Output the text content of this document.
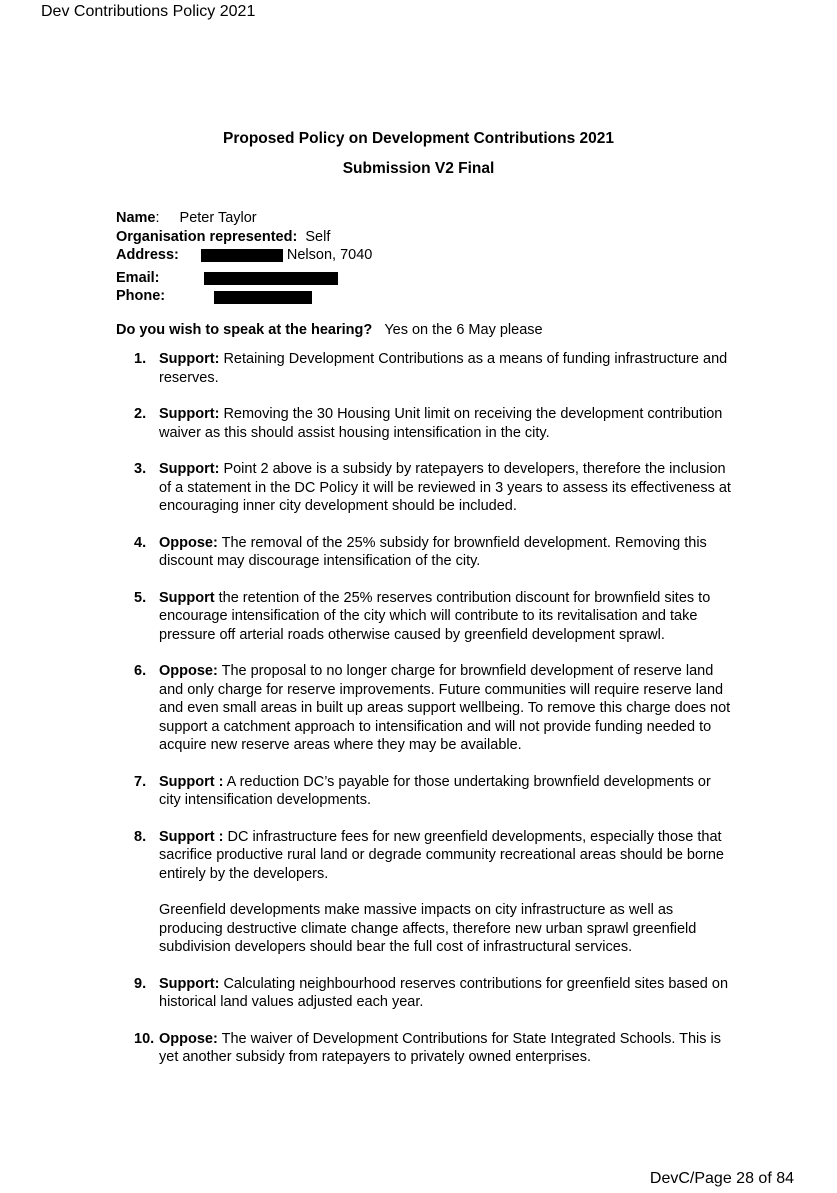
Dev Contributions Policy 2021
Proposed Policy on Development Contributions 2021
Submission V2 Final
Name: Peter Taylor
Organisation represented: Self
Address:	Nelson, 7040
Email:
Phone:
Do you wish to speak at the hearing? Yes on the 6 May please
1. Support: Retaining Development Contributions as a means of funding infrastructure and reserves.

2. Support: Removing the 30 Housing Unit limit on receiving the development contribution waiver as this should assist housing intensification in the city.

3. Support: Point 2 above is a subsidy by ratepayers to developers, therefore the inclusion of a statement in the DC Policy it will be reviewed in 3 years to assess its effectiveness at encouraging inner city development should be included.

4. Oppose: The removal of the 25% subsidy for brownfield development. Removing this discount may discourage intensification of the city.

5. Support the retention of the 25% reserves contribution discount for brownfield sites to encourage intensification of the city which will contribute to its revitalisation and take pressure off arterial roads otherwise caused by greenfield development sprawl.

6. Oppose: The proposal to no longer charge for brownfield development of reserve land and only charge for reserve improvements. Future communities will require reserve land and even small areas in built up areas support wellbeing. To remove this charge does not support a catchment approach to intensification and will not provide funding needed to acquire new reserve areas where they may be available.

7. Support : A reduction DC’s payable for those undertaking brownfield developments or city intensification developments.

8. Support : DC infrastructure fees for new greenfield developments, especially those that sacrifice productive rural land or degrade community recreational areas should be borne entirely by the developers.

Greenfield developments make massive impacts on city infrastructure as well as producing destructive climate change affects, therefore new urban sprawl greenfield subdivision developers should bear the full cost of infrastructural services.

9. Support: Calculating neighbourhood reserves contributions for greenfield sites based on historical land values adjusted each year.

10. Oppose: The waiver of Development Contributions for State Integrated Schools. This is yet another subsidy from ratepayers to privately owned enterprises.

DevC/Page 28 of 84
